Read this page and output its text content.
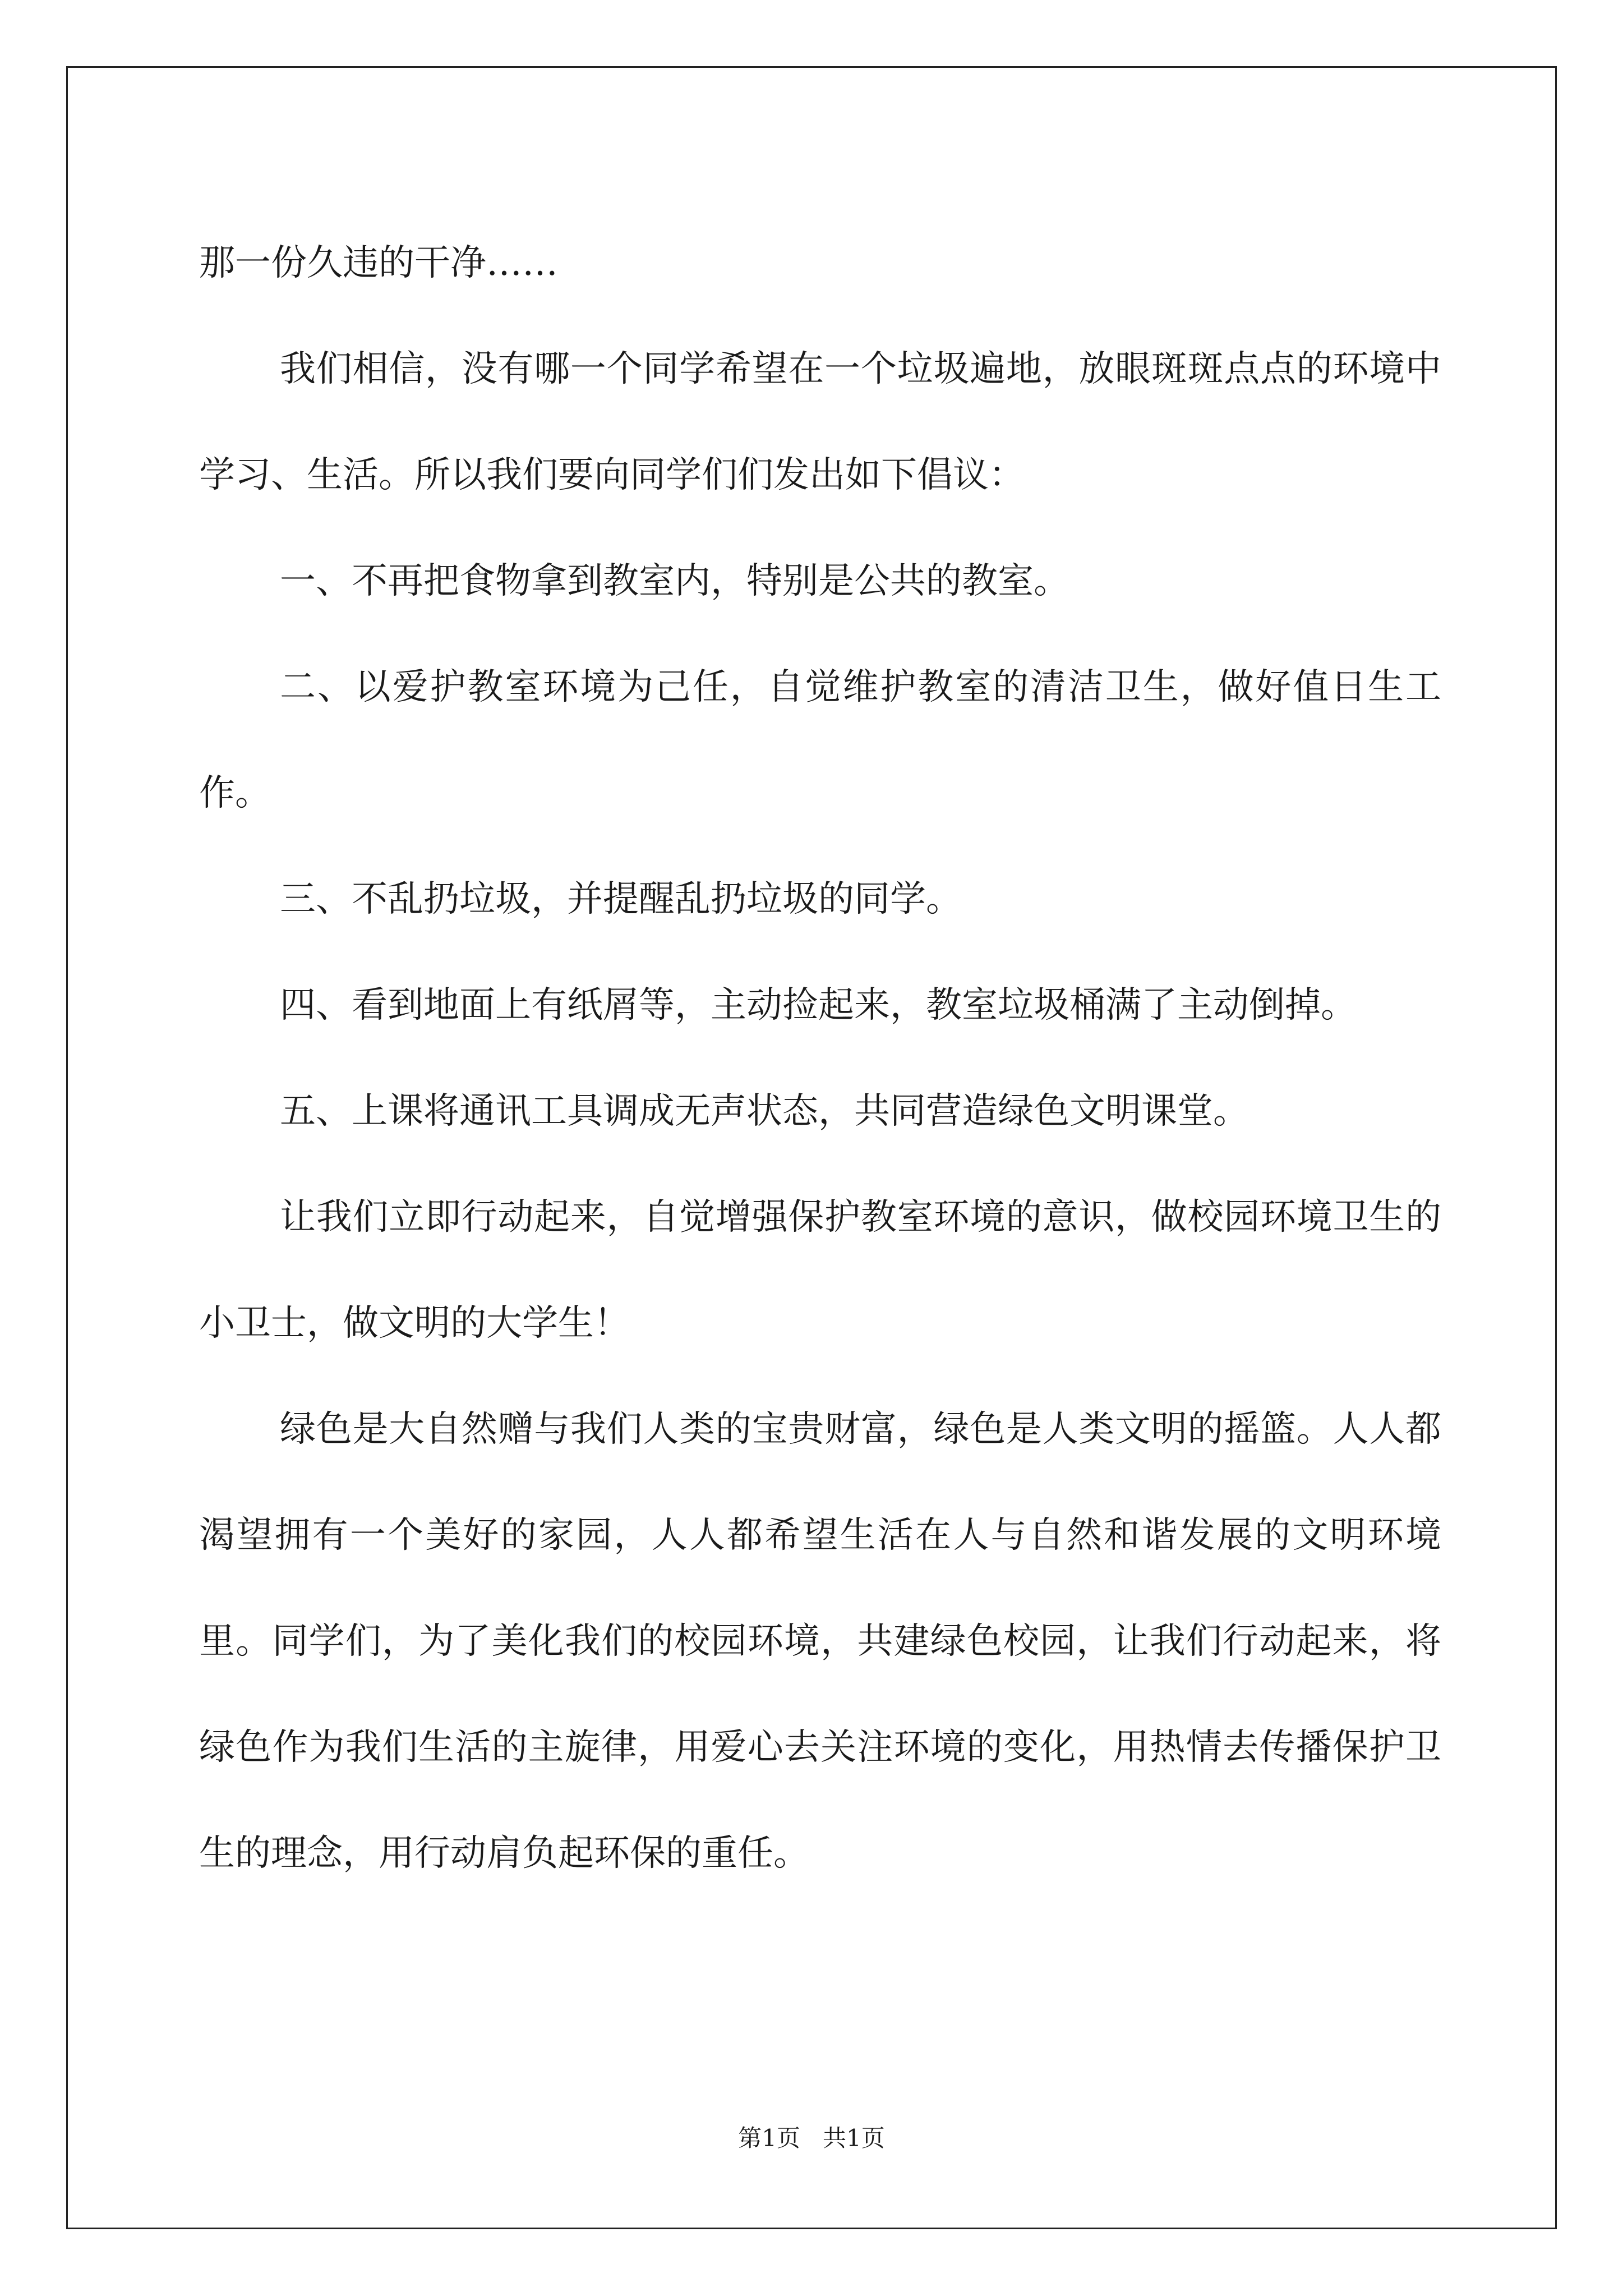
那一份久违的干净……

我们相信，没有哪一个同学希望在一个垃圾遍地，放眼斑斑点点的环境中学习、生活。所以我们要向同学们们发出如下倡议：

一、不再把食物拿到教室内，特别是公共的教室。

二、以爱护教室环境为己任，自觉维护教室的清洁卫生，做好值日生工作。

三、不乱扔垃圾，并提醒乱扔垃圾的同学。

四、看到地面上有纸屑等，主动捡起来，教室垃圾桶满了主动倒掉。

五、上课将通讯工具调成无声状态，共同营造绿色文明课堂。

让我们立即行动起来，自觉增强保护教室环境的意识，做校园环境卫生的小卫士，做文明的大学生！

绿色是大自然赠与我们人类的宝贵财富，绿色是人类文明的摇篮。人人都渴望拥有一个美好的家园，人人都希望生活在人与自然和谐发展的文明环境里。同学们，为了美化我们的校园环境，共建绿色校园，让我们行动起来，将绿色作为我们生活的主旋律，用爱心去关注环境的变化，用热情去传播保护卫生的理念，用行动肩负起环保的重任。

第1页 共1页
